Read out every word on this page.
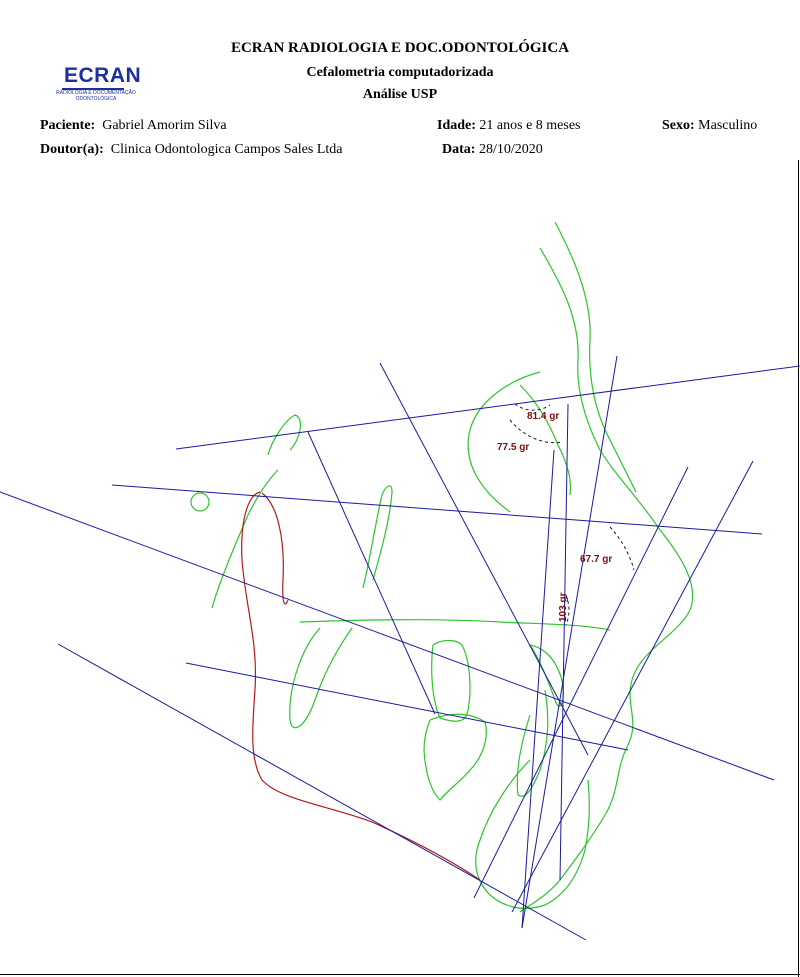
ECRAN RADIOLOGIA E DOC.ODONTOLÓGICA
Cefalometria computadorizada
Análise USP
ECRAN
RADIOLOGIA E DOCUMENTAÇÃO ODONTOLÓGICA
Paciente: Gabriel Amorim Silva
Doutor(a): Clinica Odontologica Campos Sales Ltda
Idade: 21 anos e 8 meses
Data: 28/10/2020
Sexo: Masculino
81.4 gr
77.5 gr
67.7 gr
103 gr
